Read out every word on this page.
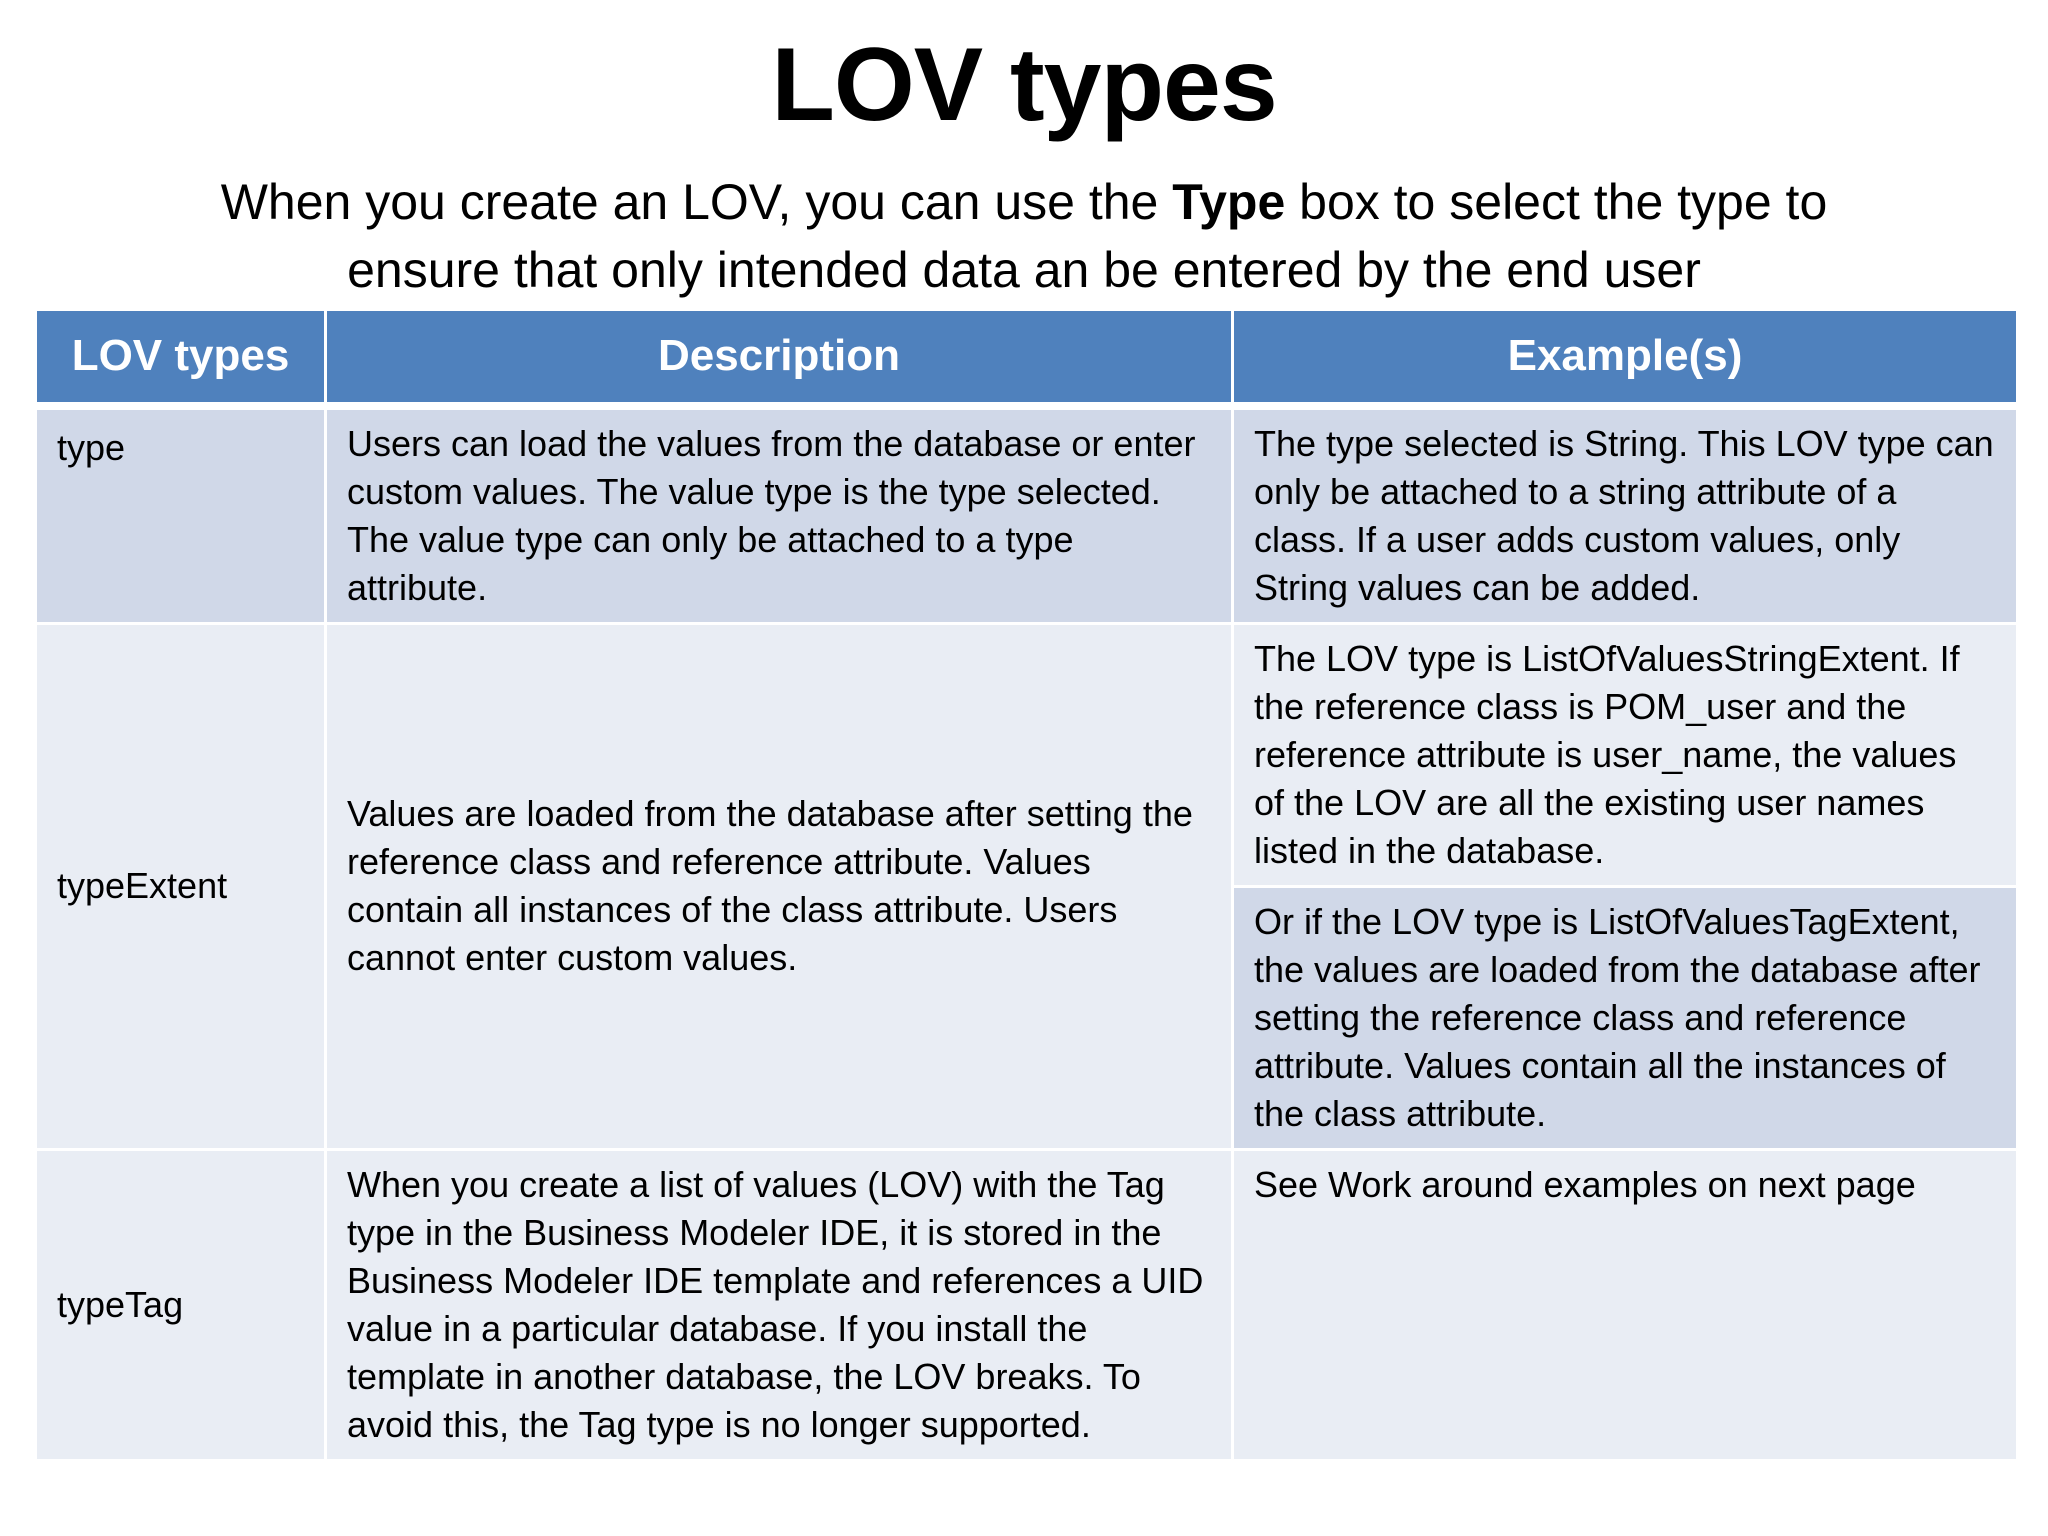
LOV types
When you create an LOV, you can use the Type box to select the type to ensure that only intended data an be entered by the end user
LOV types	Description	Example(s)
type	Users can load the values from the database or enter custom values. The value type is the type selected. The value type can only be attached to a type attribute.	The type selected is String. This LOV type can only be attached to a string attribute of a class. If a user adds custom values, only String values can be added.
typeExtent	Values are loaded from the database after setting the reference class and reference attribute. Values contain all instances of the class attribute. Users cannot enter custom values.	The LOV type is ListOfValuesStringExtent. If the reference class is POM_user and the reference attribute is user_name, the values of the LOV are all the existing user names listed in the database.
		Or if the LOV type is ListOfValuesTagExtent, the values are loaded from the database after setting the reference class and reference attribute. Values contain all the instances of the class attribute.
typeTag	When you create a list of values (LOV) with the Tag type in the Business Modeler IDE, it is stored in the Business Modeler IDE template and references a UID value in a particular database. If you install the template in another database, the LOV breaks. To avoid this, the Tag type is no longer supported.	See Work around examples on next page
